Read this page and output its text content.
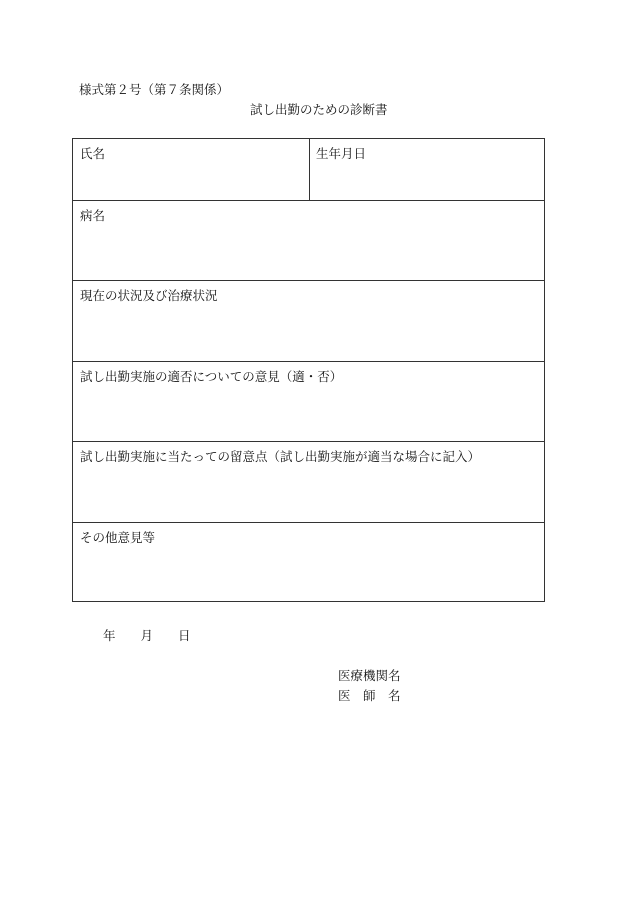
様式第２号（第７条関係）
試し出勤のための診断書
氏名	生年月日
病名
現在の状況及び治療状況
試し出勤実施の適否についての意見（適・否）
試し出勤実施に当たっての留意点（試し出勤実施が適当な場合に記入）
その他意見等
年 月 日
医療機関名
医　師　名
